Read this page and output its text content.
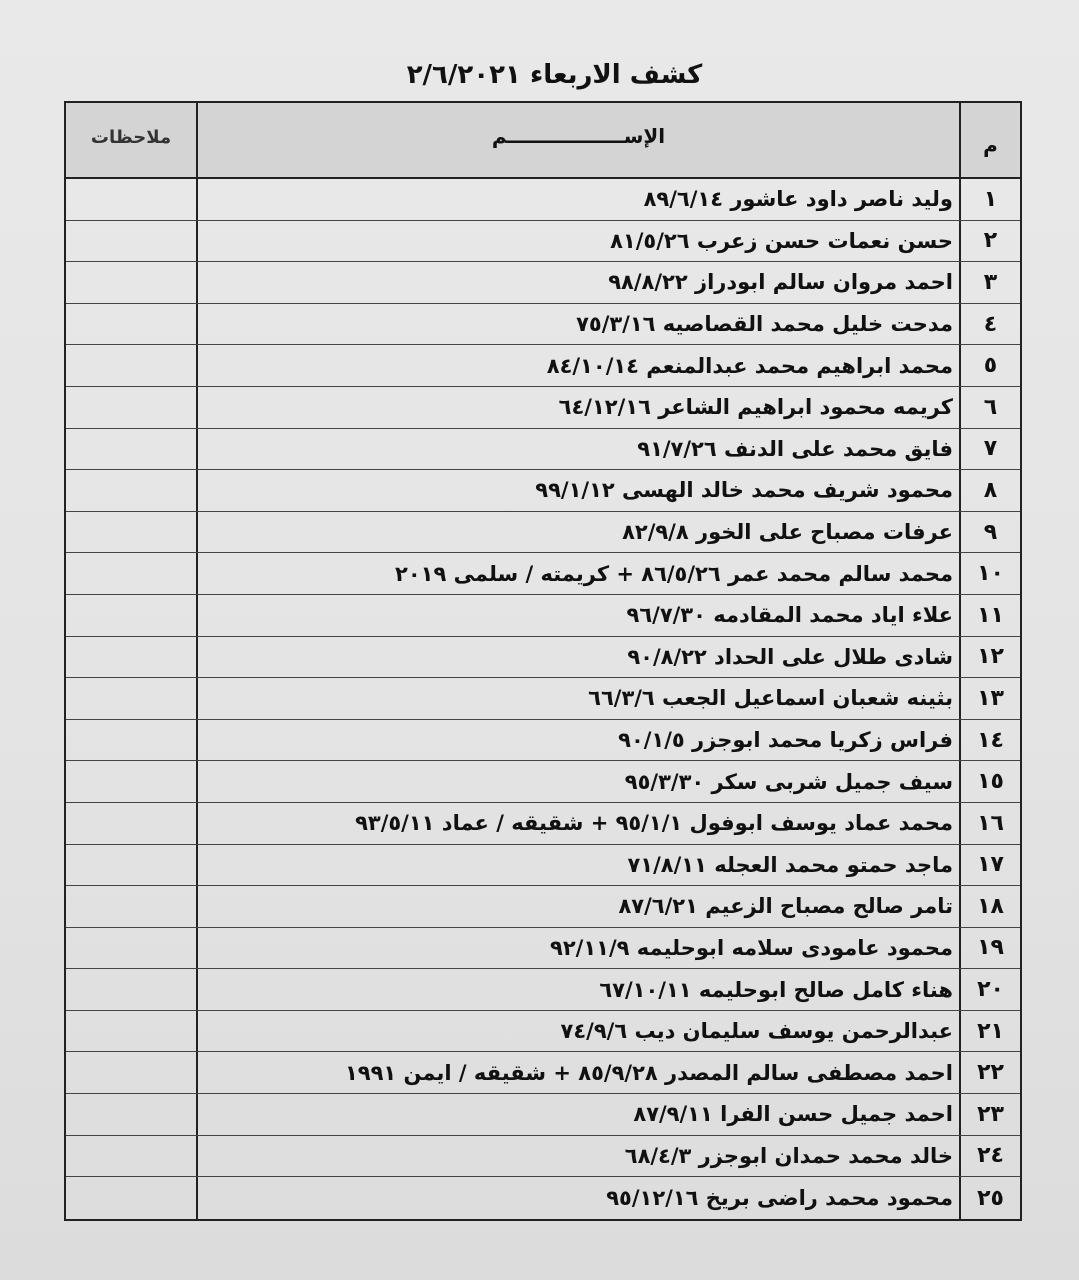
كشف الاربعاء ٢/٦/٢٠٢١
م
الإســـــــــــــــــم
ملاحظات
١
وليد ناصر داود عاشور ٨٩/٦/١٤
٢
حسن نعمات حسن زعرب ٨١/٥/٢٦
٣
احمد مروان سالم ابودراز ٩٨/٨/٢٢
٤
مدحت خليل محمد القصاصيه ٧٥/٣/١٦
٥
محمد ابراهيم محمد عبدالمنعم ٨٤/١٠/١٤
٦
كريمه محمود ابراهيم الشاعر ٦٤/١٢/١٦
٧
فايق محمد على الدنف ٩١/٧/٢٦
٨
محمود شريف محمد خالد الهسى ٩٩/١/١٢
٩
عرفات مصباح على الخور ٨٢/٩/٨
١٠
محمد سالم محمد عمر ٨٦/٥/٢٦ + كريمته / سلمى ٢٠١٩
١١
علاء اياد محمد المقادمه ٩٦/٧/٣٠
١٢
شادى طلال على الحداد ٩٠/٨/٢٢
١٣
بثينه شعبان اسماعيل الجعب ٦٦/٣/٦
١٤
فراس زكريا محمد ابوجزر ٩٠/١/٥
١٥
سيف جميل شربى سكر ٩٥/٣/٣٠
١٦
محمد عماد يوسف ابوفول ٩٥/١/١ + شقيقه / عماد ٩٣/٥/١١
١٧
ماجد حمتو محمد العجله ٧١/٨/١١
١٨
تامر صالح مصباح الزعيم ٨٧/٦/٢١
١٩
محمود عامودى سلامه ابوحليمه ٩٢/١١/٩
٢٠
هناء كامل صالح ابوحليمه ٦٧/١٠/١١
٢١
عبدالرحمن يوسف سليمان ديب ٧٤/٩/٦
٢٢
احمد مصطفى سالم المصدر ٨٥/٩/٢٨ + شقيقه / ايمن ١٩٩١
٢٣
احمد جميل حسن الفرا ٨٧/٩/١١
٢٤
خالد محمد حمدان ابوجزر ٦٨/٤/٣
٢٥
محمود محمد راضى بريخ ٩٥/١٢/١٦
